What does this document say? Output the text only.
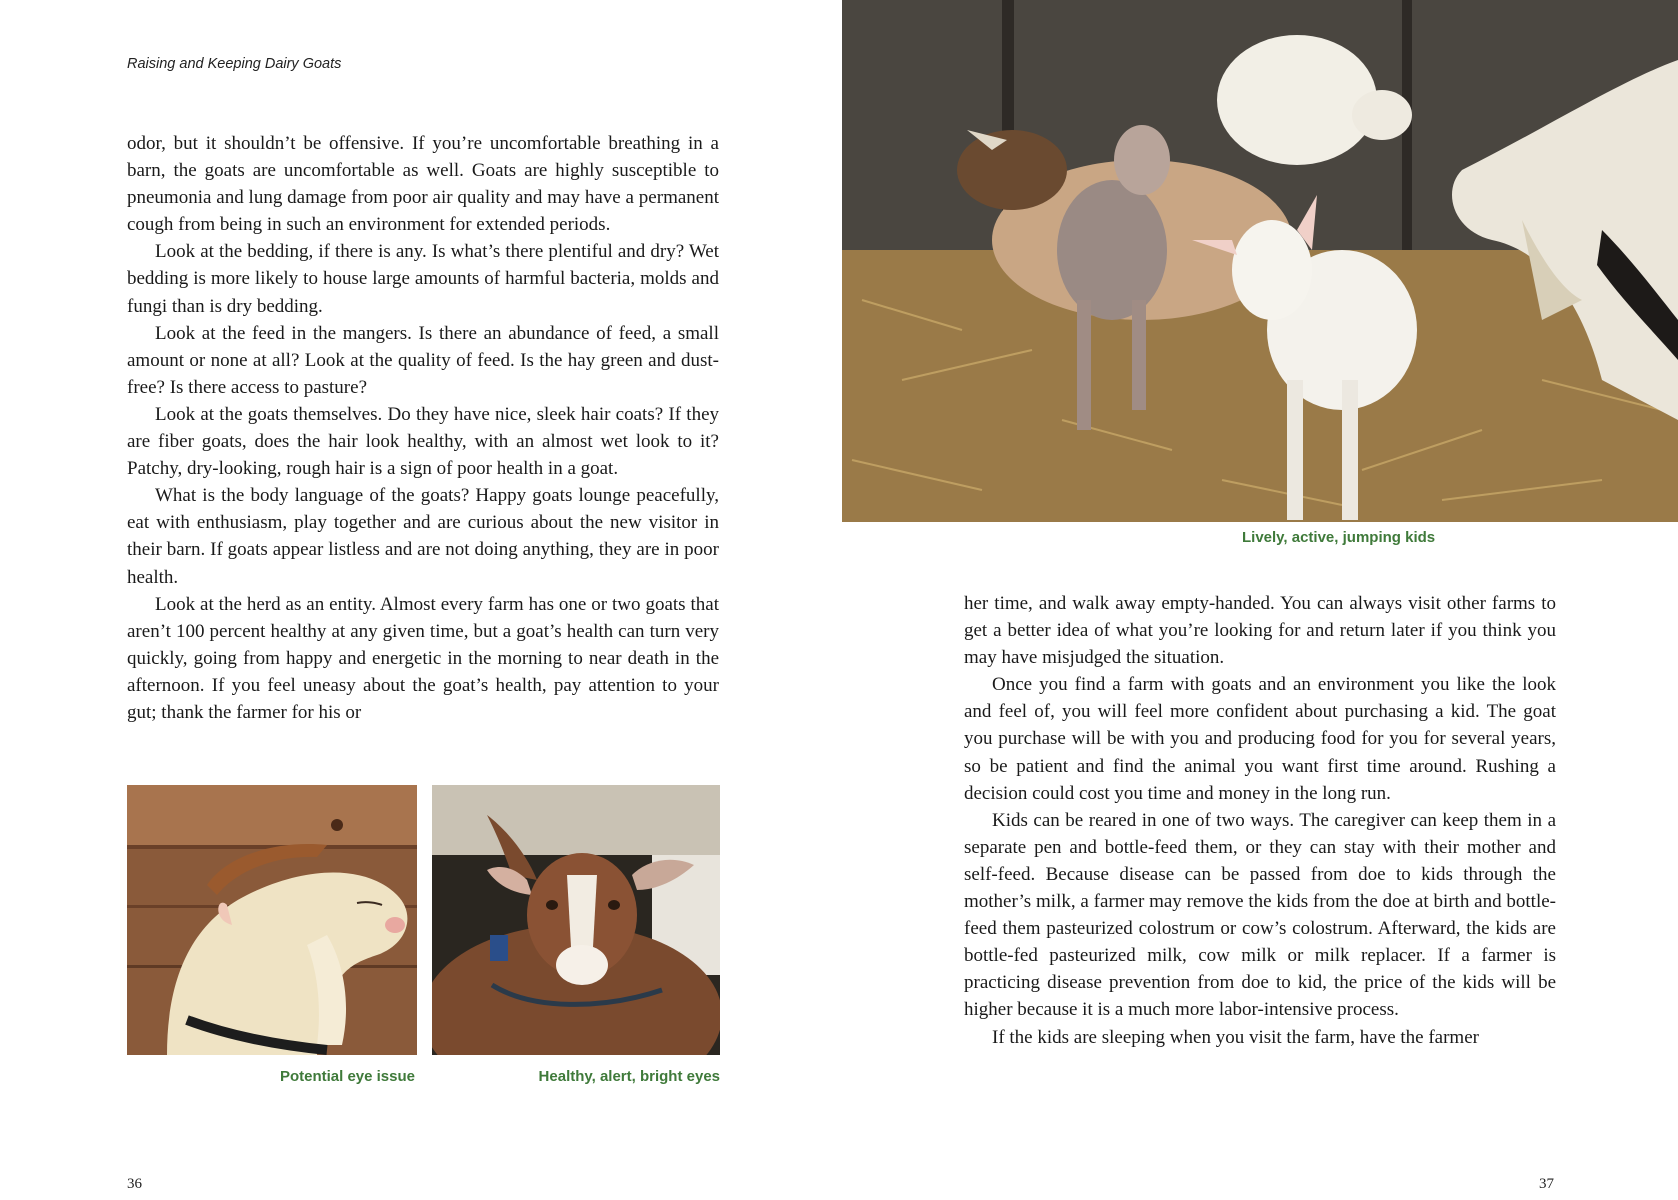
Raising and Keeping Dairy Goats

odor, but it shouldn’t be offensive. If you’re uncomfortable breathing in a barn, the goats are uncomfortable as well. Goats are highly susceptible to pneumonia and lung damage from poor air quality and may have a permanent cough from being in such an environment for extended periods.

Look at the bedding, if there is any. Is what’s there plentiful and dry? Wet bedding is more likely to house large amounts of harmful bacteria, molds and fungi than is dry bedding.

Look at the feed in the mangers. Is there an abundance of feed, a small amount or none at all? Look at the quality of feed. Is the hay green and dust-free? Is there access to pasture?

Look at the goats themselves. Do they have nice, sleek hair coats? If they are fiber goats, does the hair look healthy, with an almost wet look to it? Patchy, dry-looking, rough hair is a sign of poor health in a goat.

What is the body language of the goats? Happy goats lounge peacefully, eat with enthusiasm, play together and are curious about the new visitor in their barn. If goats appear listless and are not doing anything, they are in poor health.

Look at the herd as an entity. Almost every farm has one or two goats that aren’t 100 percent healthy at any given time, but a goat’s health can turn very quickly, going from happy and energetic in the morning to near death in the afternoon. If you feel uneasy about the goat’s health, pay attention to your gut; thank the farmer for his or

Potential eye issue	Healthy, alert, bright eyes
36
Lively, active, jumping kids

her time, and walk away empty-handed. You can always visit other farms to get a better idea of what you’re looking for and return later if you think you may have misjudged the situation.

Once you find a farm with goats and an environment you like the look and feel of, you will feel more confident about purchasing a kid. The goat you purchase will be with you and producing food for you for several years, so be patient and find the animal you want first time around. Rushing a decision could cost you time and money in the long run.

Kids can be reared in one of two ways. The caregiver can keep them in a separate pen and bottle-feed them, or they can stay with their mother and self-feed. Because disease can be passed from doe to kids through the mother’s milk, a farmer may remove the kids from the doe at birth and bottle-feed them pasteurized colostrum or cow’s colostrum. Afterward, the kids are bottle-fed pasteurized milk, cow milk or milk replacer. If a farmer is practicing disease prevention from doe to kid, the price of the kids will be higher because it is a much more labor-intensive process.

If the kids are sleeping when you visit the farm, have the farmer

37
